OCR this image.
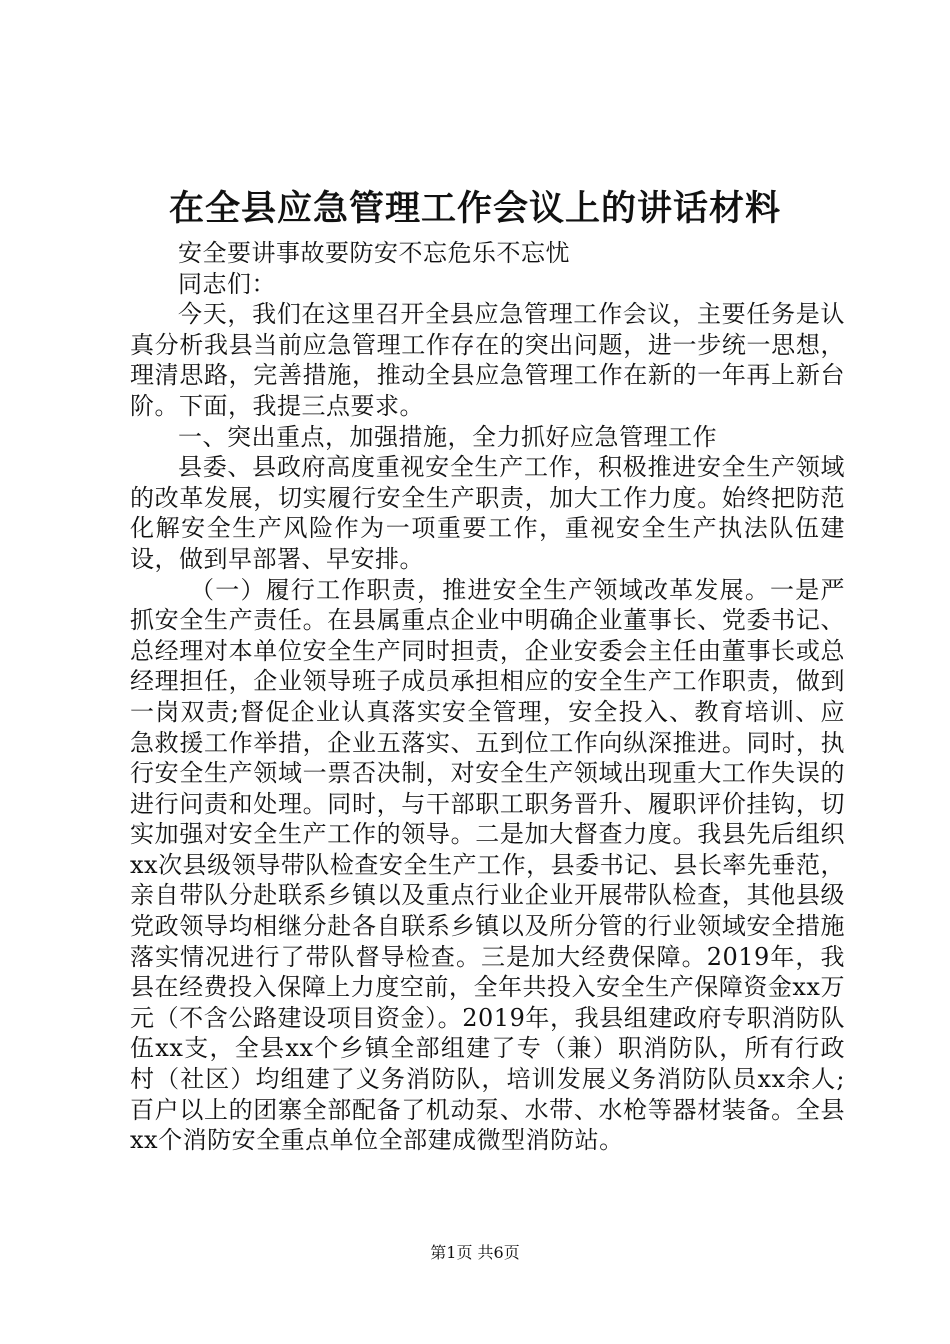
在全县应急管理工作会议上的讲话材料

安全要讲事故要防安不忘危乐不忘忧

同志们：

今天，我们在这里召开全县应急管理工作会议，主要任务是认真分析我县当前应急管理工作存在的突出问题，进一步统一思想，理清思路，完善措施，推动全县应急管理工作在新的一年再上新台阶。下面，我提三点要求。

一、突出重点，加强措施，全力抓好应急管理工作

县委、县政府高度重视安全生产工作，积极推进安全生产领域的改革发展，切实履行安全生产职责，加大工作力度。始终把防范化解安全生产风险作为一项重要工作，重视安全生产执法队伍建设，做到早部署、早安排。

（一）履行工作职责，推进安全生产领域改革发展。一是严抓安全生产责任。在县属重点企业中明确企业董事长、党委书记、总经理对本单位安全生产同时担责，企业安委会主任由董事长或总经理担任，企业领导班子成员承担相应的安全生产工作职责，做到一岗双责;督促企业认真落实安全管理，安全投入、教育培训、应急救援工作举措，企业五落实、五到位工作向纵深推进。同时，执行安全生产领域一票否决制，对安全生产领域出现重大工作失误的进行问责和处理。同时，与干部职工职务晋升、履职评价挂钩，切实加强对安全生产工作的领导。二是加大督查力度。我县先后组织xx次县级领导带队检查安全生产工作，县委书记、县长率先垂范，亲自带队分赴联系乡镇以及重点行业企业开展带队检查，其他县级党政领导均相继分赴各自联系乡镇以及所分管的行业领域安全措施落实情况进行了带队督导检查。三是加大经费保障。2019年，我县在经费投入保障上力度空前，全年共投入安全生产保障资金xx万元（不含公路建设项目资金）。2019年，我县组建政府专职消防队伍xx支，全县xx个乡镇全部组建了专（兼）职消防队，所有行政村（社区）均组建了义务消防队，培训发展义务消防队员xx余人;百户以上的团寨全部配备了机动泵、水带、水枪等器材装备。全县xx个消防安全重点单位全部建成微型消防站。

第1页 共6页
